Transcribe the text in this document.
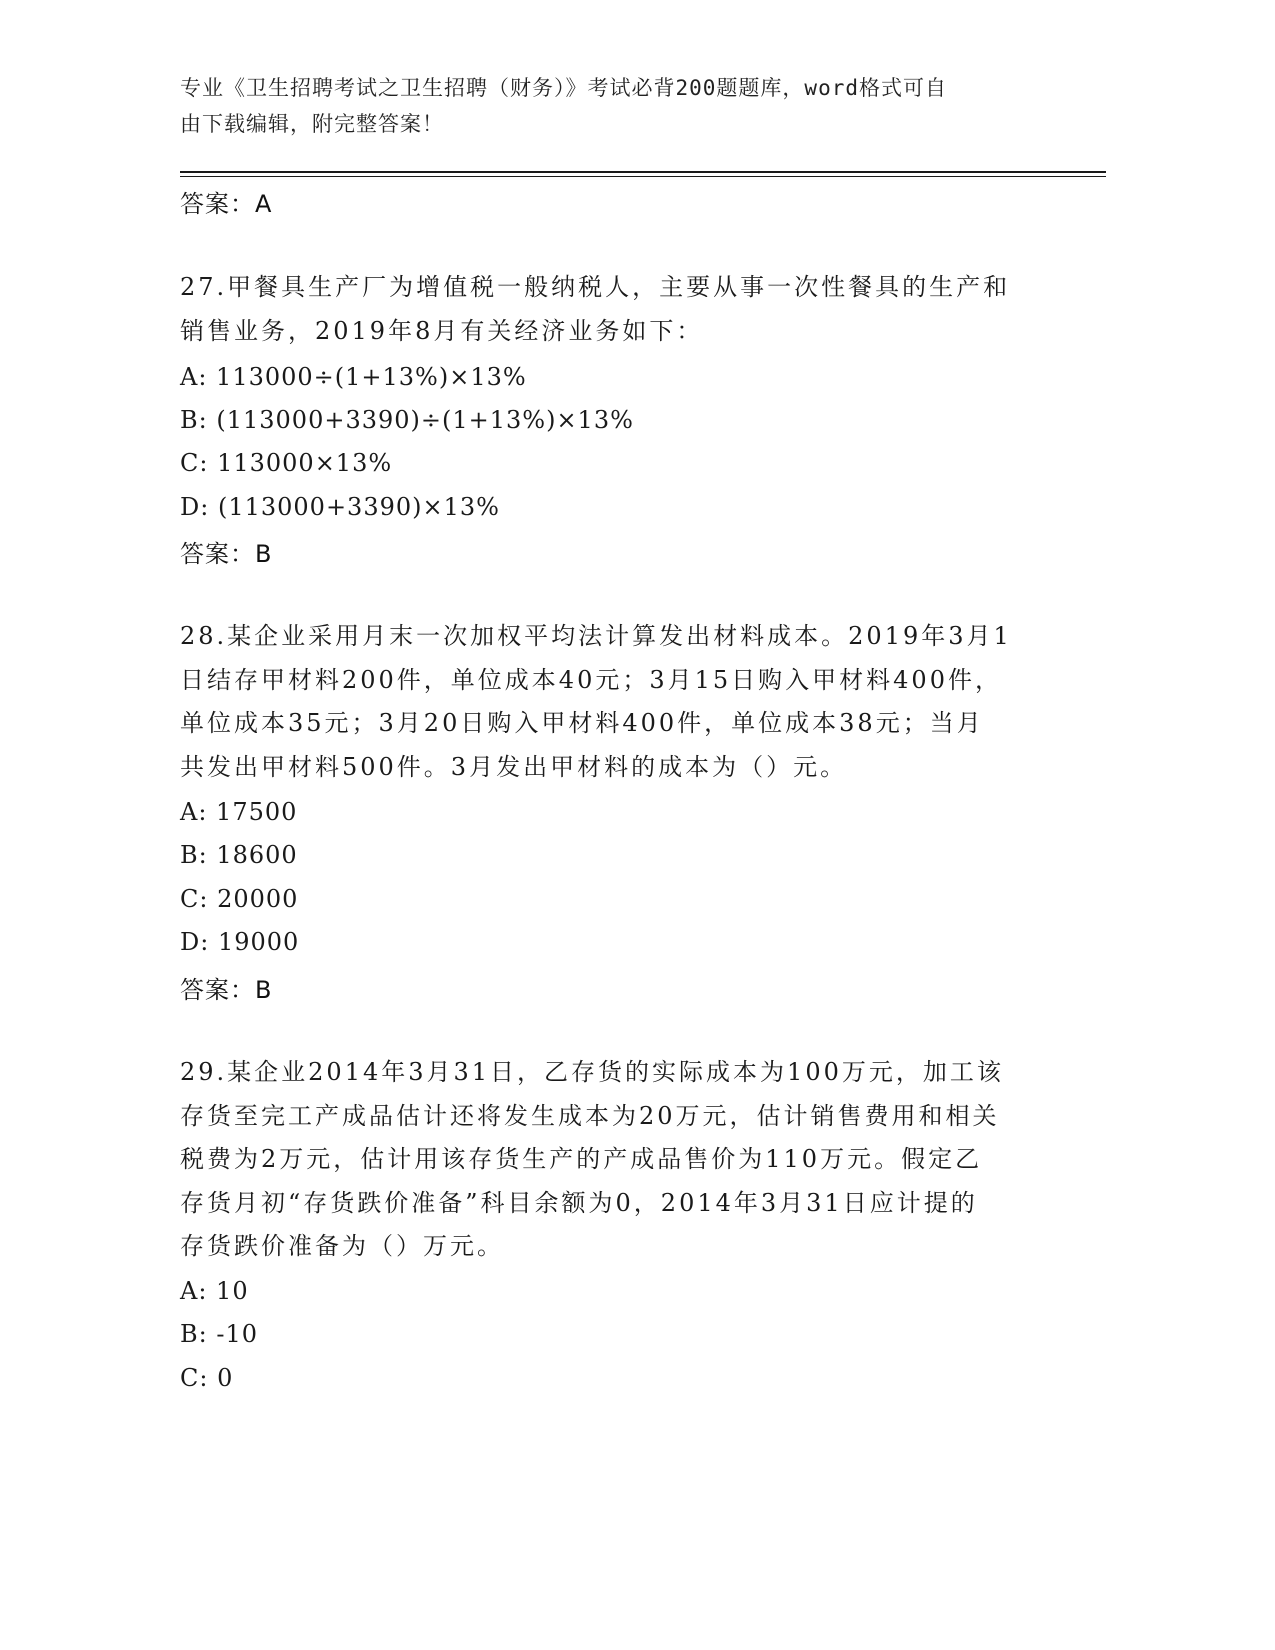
专业《卫生招聘考试之卫生招聘（财务）》考试必背200题题库，word格式可自
由下载编辑，附完整答案！
答案：A
27.甲餐具生产厂为增值税一般纳税人，主要从事一次性餐具的生产和
销售业务，2019年8月有关经济业务如下：
A: 113000÷(1+13%)×13%
B: (113000+3390)÷(1+13%)×13%
C: 113000×13%
D: (113000+3390)×13%
答案：B
28.某企业采用月末一次加权平均法计算发出材料成本。2019年3月1
日结存甲材料200件，单位成本40元；3月15日购入甲材料400件，
单位成本35元；3月20日购入甲材料400件，单位成本38元；当月
共发出甲材料500件。3月发出甲材料的成本为（）元。
A: 17500
B: 18600
C: 20000
D: 19000
答案：B
29.某企业2014年3月31日，乙存货的实际成本为100万元，加工该
存货至完工产成品估计还将发生成本为20万元，估计销售费用和相关
税费为2万元，估计用该存货生产的产成品售价为110万元。假定乙
存货月初“存货跌价准备”科目余额为0，2014年3月31日应计提的
存货跌价准备为（）万元。
A: 10
B: -10
C: 0
